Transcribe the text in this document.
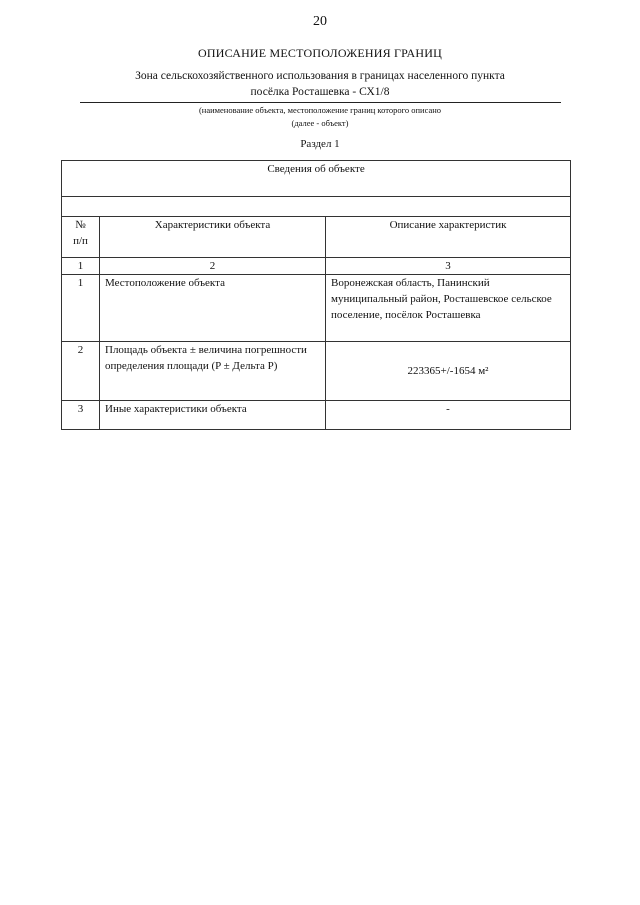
20
ОПИСАНИЕ МЕСТОПОЛОЖЕНИЯ ГРАНИЦ
Зона сельскохозяйственного использования в границах населенного пункта
посёлка Росташевка - СХ1/8
(наименование объекта, местоположение границ которого описано
(далее - объект)
Раздел 1
Сведения об объекте		

№
п/п	Характеристики объекта	Описание характеристик
1	2	3
1	Местоположение объекта	Воронежская область, Панинский муниципальный район, Росташевское сельское поселение, посёлок Росташевка
2	Площадь объекта ± величина погрешности определения площади (P ± Дельта P)	223365+/-1654 м²
3	Иные характеристики объекта	-
